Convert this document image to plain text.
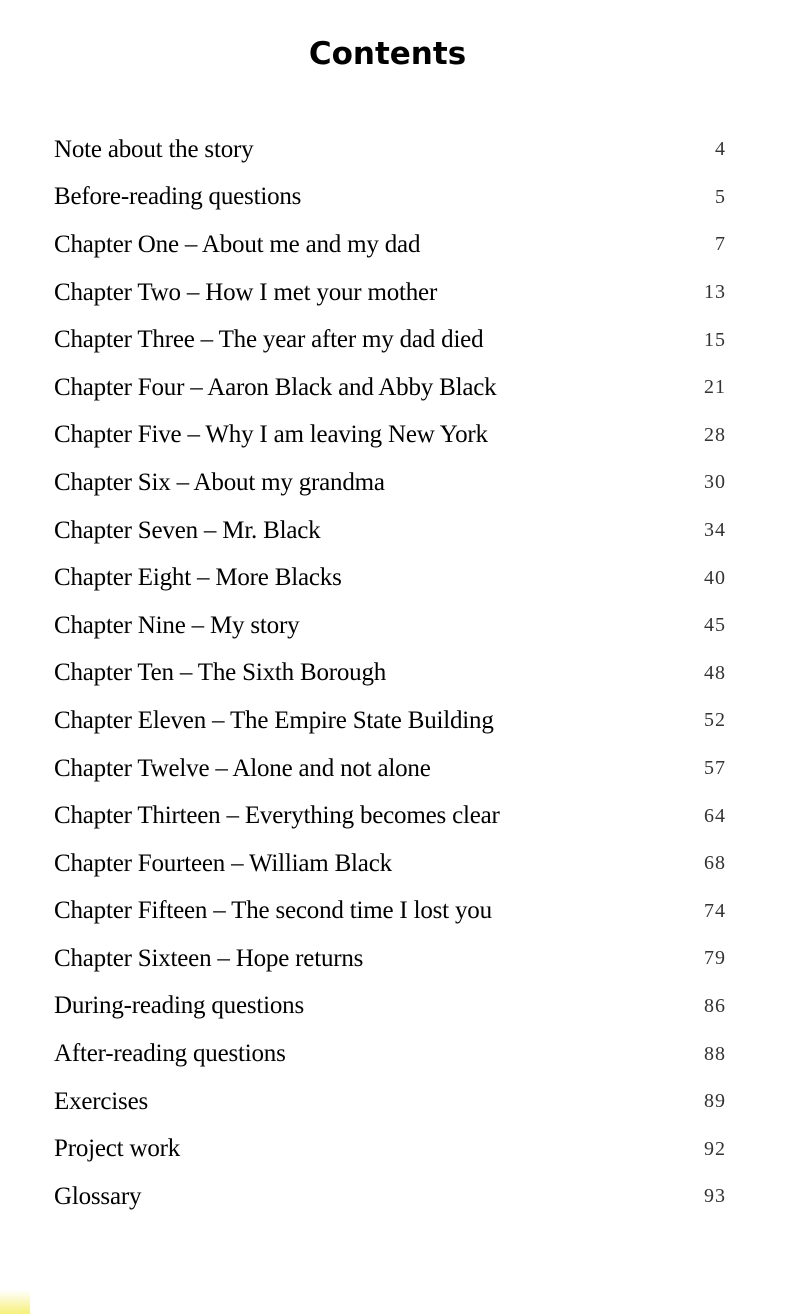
Contents
Note about the story	4
Before-reading questions	5
Chapter One – About me and my dad	7
Chapter Two – How I met your mother	13
Chapter Three – The year after my dad died	15
Chapter Four – Aaron Black and Abby Black	21
Chapter Five – Why I am leaving New York	28
Chapter Six – About my grandma	30
Chapter Seven – Mr. Black	34
Chapter Eight – More Blacks	40
Chapter Nine – My story	45
Chapter Ten – The Sixth Borough	48
Chapter Eleven – The Empire State Building	52
Chapter Twelve – Alone and not alone	57
Chapter Thirteen – Everything becomes clear	64
Chapter Fourteen – William Black	68
Chapter Fifteen – The second time I lost you	74
Chapter Sixteen – Hope returns	79
During-reading questions	86
After-reading questions	88
Exercises	89
Project work	92
Glossary	93
